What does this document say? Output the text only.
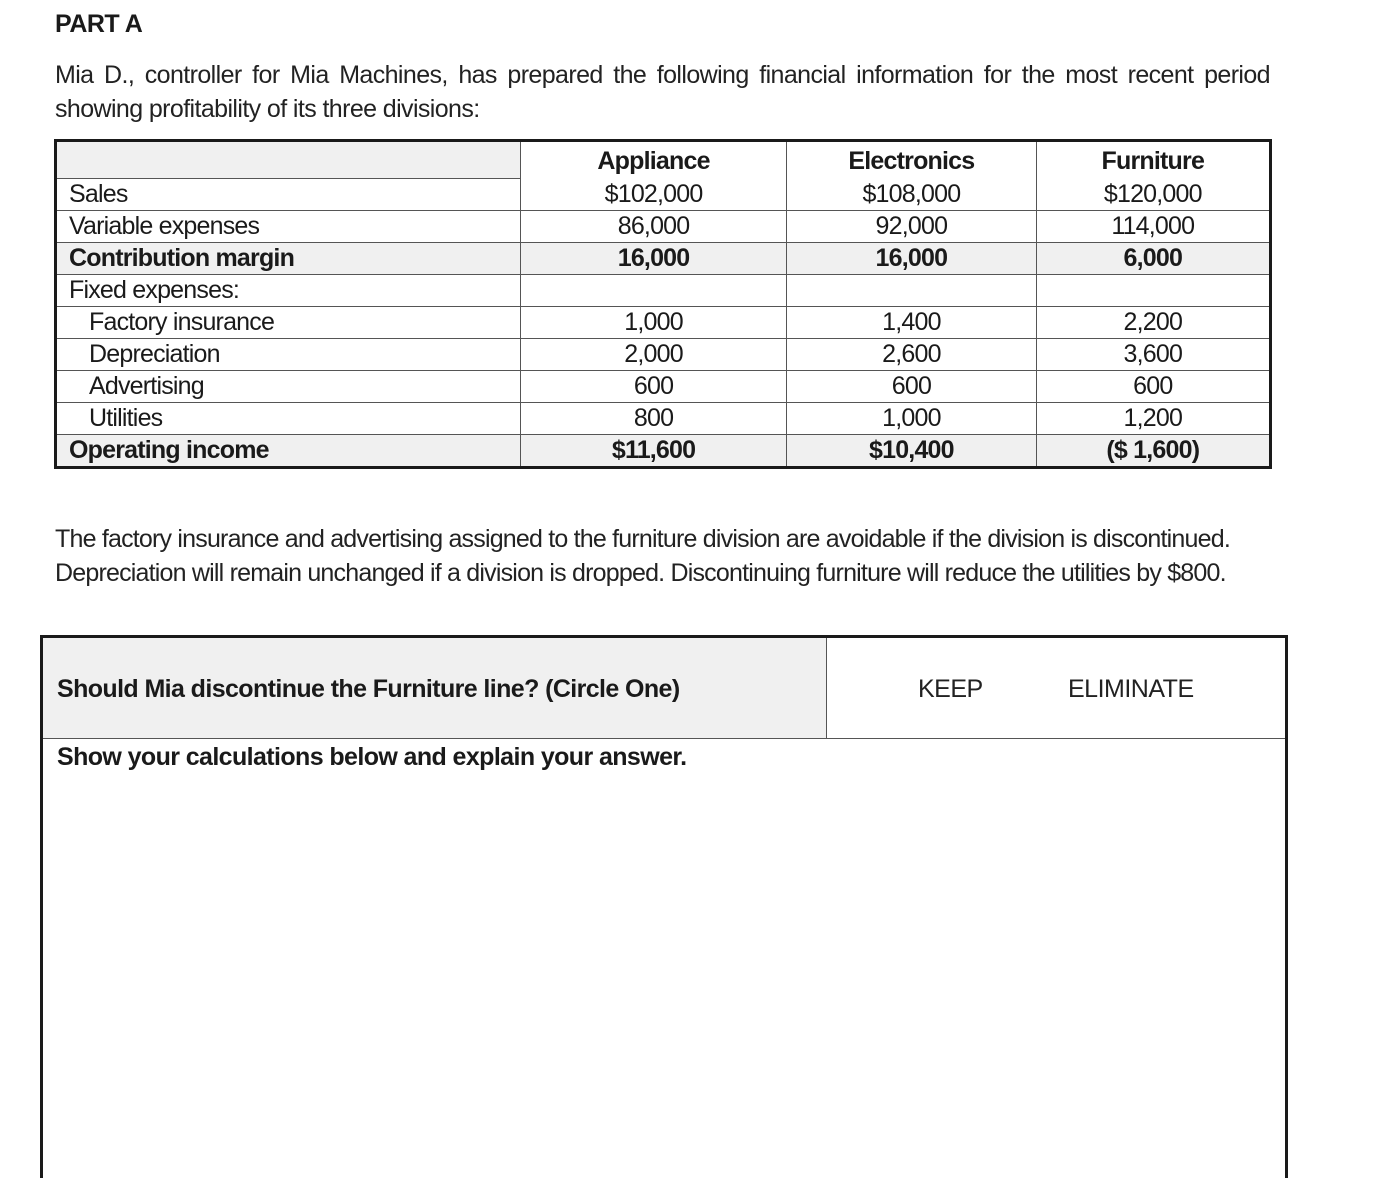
PART A
Mia D., controller for Mia Machines, has prepared the following financial information for the most recent period showing profitability of its three divisions:
	Appliance	Electronics	Furniture
Sales	$102,000	$108,000	$120,000
Variable expenses	86,000	92,000	114,000
Contribution margin	16,000	16,000	6,000
Fixed expenses:			
Factory insurance	1,000	1,400	2,200
Depreciation	2,000	2,600	3,600
Advertising	600	600	600
Utilities	800	1,000	1,200
Operating income	$11,600	$10,400	($ 1,600)
The factory insurance and advertising assigned to the furniture division are avoidable if the division is discontinued.
Depreciation will remain unchanged if a division is dropped. Discontinuing furniture will reduce the utilities by $800.
Should Mia discontinue the Furniture line? (Circle One)	KEEP	ELIMINATE
Show your calculations below and explain your answer.
